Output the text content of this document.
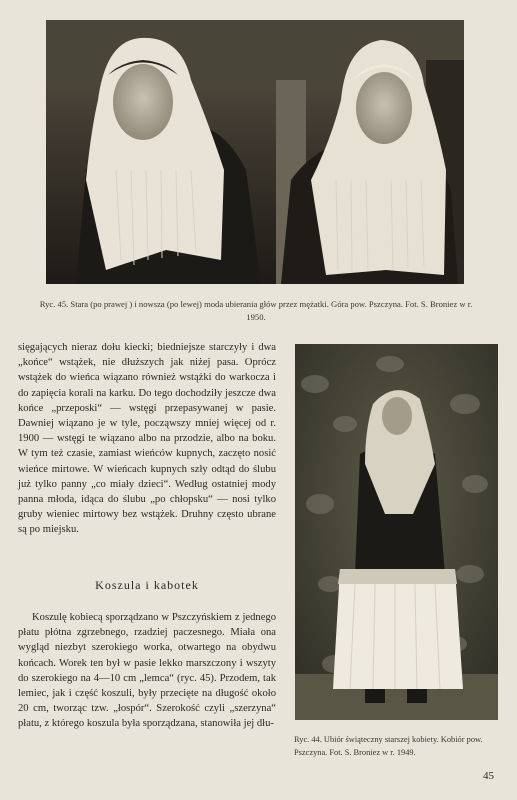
Ryc. 45. Stara (po prawej ) i nowsza (po lewej) moda ubierania głów przez mężatki. Góra pow. Pszczyna. Fot. S. Broniez w r. 1950.

sięgających nieraz dołu kiecki; biedniejsze starczyły i dwa „końce“ wstążek, nie dłuższych jak niżej pasa. Oprócz wstążek do wieńca wiązano również wstążki do warkocza i do zapięcia korali na karku. Do tego dochodziły jeszcze dwa końce „przeposki“ — wstęgi przepasywanej w pasie. Dawniej wiązano je w tyle, począwszy mniej więcej od r. 1900 — wstęgi te wiązano albo na przodzie, albo na boku. W tym też czasie, zamiast wieńców kupnych, zaczęto nosić wieńce mirtowe. W wieńcach kupnych szły odtąd do ślubu już tylko panny „co miały dzieci“. Według ostatniej mody panna młoda, idąca do ślubu „po chłopsku“ — nosi tylko gruby wieniec mirtowy bez wstążek. Druhny często ubrane są po miejsku.

Koszula i kabotek

Koszulę kobiecą sporządzano w Pszczyńskiem z jednego płatu płótna zgrzebnego, rzadziej paczesnego. Miała ona wygląd niezbyt szerokiego worka, otwartego na obydwu końcach. Worek ten był w pasie lekko marszczony i wszyty do szerokiego na 4—10 cm „lemca“ (ryc. 45). Przodem, tak lemiec, jak i część koszuli, były przecięte na długość około 20 cm, tworząc tzw. „łospór“. Szerokość czyli „szerzyna“ płatu, z którego koszula była sporządzana, stanowiła jej dłu-

Ryc. 44. Ubiór świąteczny starszej kobiety. Kobiór pow. Pszczyna. Fot. S. Broniez w r. 1949.
45
